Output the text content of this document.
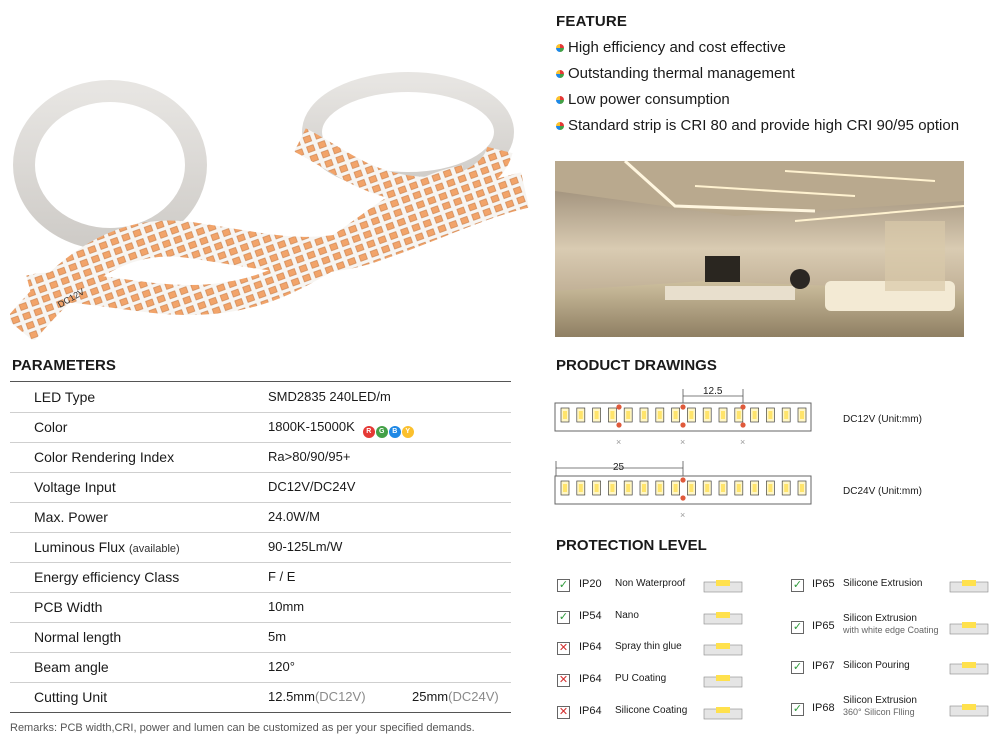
DC12V
FEATURE
High efficiency and cost effective
Outstanding thermal management
Low power consumption
Standard strip is CRI 80 and provide high CRI 90/95 option
PARAMETERS
LED Type	SMD2835 240LED/m
Color	1800K-15000K	R	G	B	Y
Color Rendering Index	Ra>80/90/95+
Voltage Input	DC12V/DC24V
Max. Power	24.0W/M
Luminous Flux (available)	90-125Lm/W
Energy efficiency Class	F / E
PCB Width	10mm
Normal length	5m
Beam angle	120°
Cutting Unit	12.5mm(DC12V)	25mm(DC24V)
Remarks: PCB width,CRI, power and lumen can be customized as per your specified demands.
PRODUCT DRAWINGS
12.5
×	×	×
DC12V (Unit:mm)
25
×
DC24V (Unit:mm)
PROTECTION LEVEL
✓ IP20 Non Waterproof
✓ IP54 Nano
✕ IP64 Spray thin glue
✕ IP64 PU Coating
✕ IP64 Silicone Coating
✓ IP65 Silicone Extrusion
✓ IP65
Silicon Extrusion
with white edge Coating
✓ IP67 Silicon Pouring
✓ IP68
Silicon Extrusion
360° Silicon Flling
